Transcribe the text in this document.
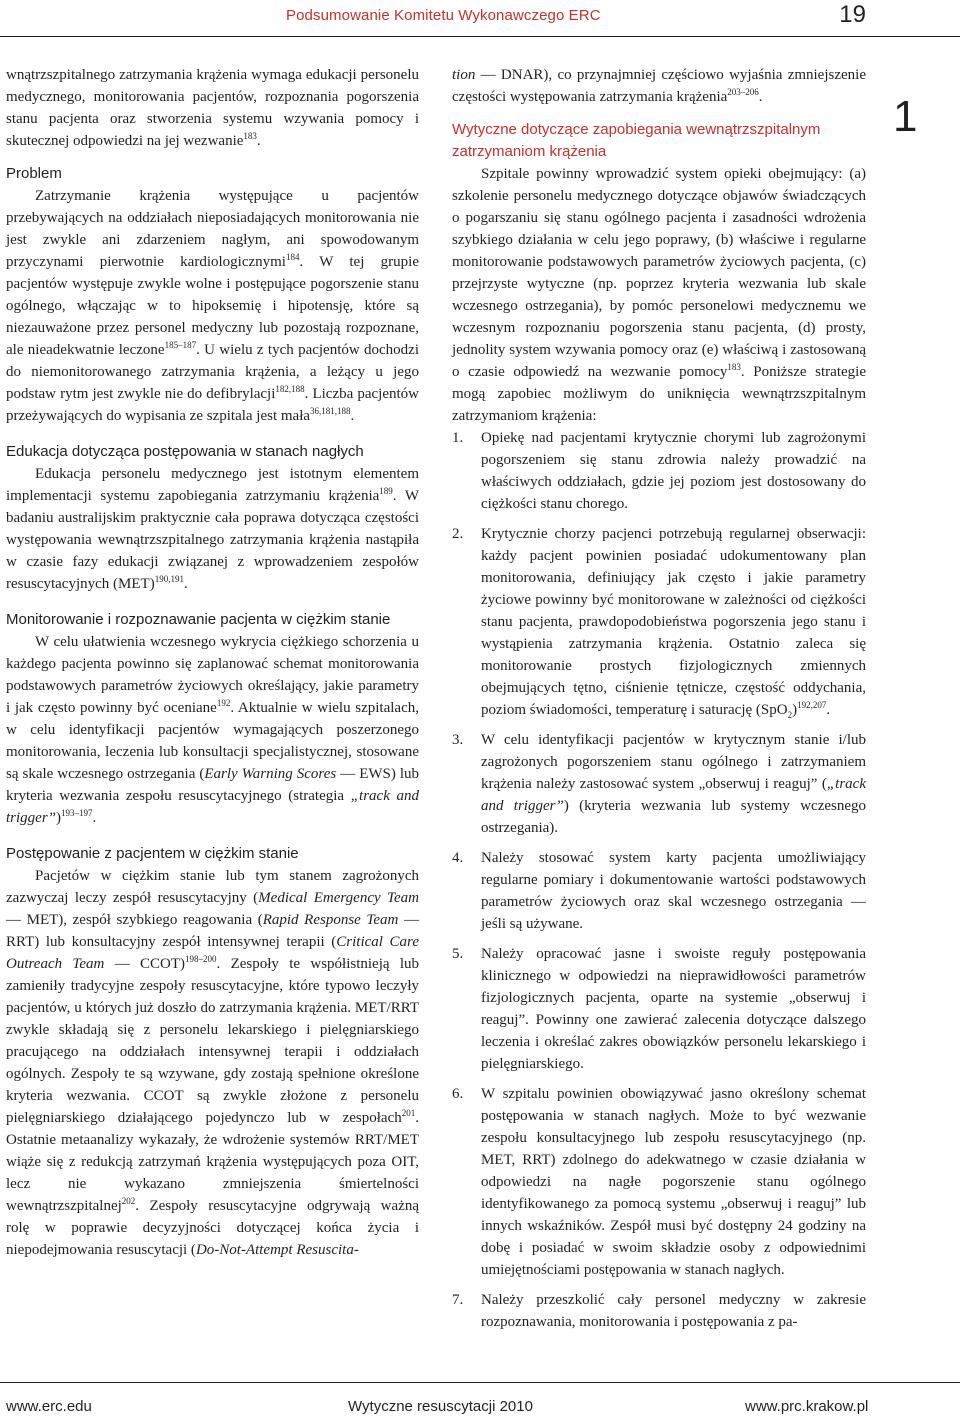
Podsumowanie Komitetu Wykonawczego ERC	19
1

wnątrzszpitalnego zatrzymania krążenia wymaga edukacji personelu medycznego, monitorowania pacjentów, rozpoznania pogorszenia stanu pacjenta oraz stworzenia systemu wzywania pomocy i skutecznej odpowiedzi na jej wezwanie$^{183}$.

Problem

Zatrzymanie krążenia występujące u pacjentów przebywających na oddziałach nieposiadających monitorowania nie jest zwykle ani zdarzeniem nagłym, ani spowodowanym przyczynami pierwotnie kardiologicznymi$^{184}$. W tej grupie pacjentów występuje zwykle wolne i postępujące pogorszenie stanu ogólnego, włączając w to hipoksemię i hipotensję, które są niezauważone przez personel medyczny lub pozostają rozpoznane, ale nieadekwatnie leczone$^{185-187}$. U wielu z tych pacjentów dochodzi do niemonitorowanego zatrzymania krążenia, a leżący u jego podstaw rytm jest zwykle nie do defibrylacji$^{182,188}$. Liczba pacjentów przeżywających do wypisania ze szpitala jest mała$^{36,181,188}$.

Edukacja dotycząca postępowania w stanach nagłych

Edukacja personelu medycznego jest istotnym elementem implementacji systemu zapobiegania zatrzymaniu krążenia$^{189}$. W badaniu australijskim praktycznie cała poprawa dotycząca częstości występowania wewnątrzszpitalnego zatrzymania krążenia nastąpiła w czasie fazy edukacji związanej z wprowadzeniem zespołów resuscytacyjnych (MET)$^{190,191}$.

Monitorowanie i rozpoznawanie pacjenta w ciężkim stanie

W celu ułatwienia wczesnego wykrycia ciężkiego schorzenia u każdego pacjenta powinno się zaplanować schemat monitorowania podstawowych parametrów życiowych określający, jakie parametry i jak często powinny być oceniane$^{192}$. Aktualnie w wielu szpitalach, w celu identyfikacji pacjentów wymagających poszerzonego monitorowania, leczenia lub konsultacji specjalistycznej, stosowane są skale wczesnego ostrzegania (Early Warning Scores — EWS) lub kryteria wezwania zespołu resuscytacyjnego (strategia „track and trigger”)$^{193-197}$.

Postępowanie z pacjentem w ciężkim stanie

Pacjetów w ciężkim stanie lub tym stanem zagrożonych zazwyczaj leczy zespół resuscytacyjny (Medical Emergency Team — MET), zespół szybkiego reagowania (Rapid Response Team — RRT) lub konsultacyjny zespół intensywnej terapii (Critical Care Outreach Team — CCOT)$^{198-200}$. Zespoły te współistnieją lub zamieniły tradycyjne zespoły resuscytacyjne, które typowo leczyły pacjentów, u których już doszło do zatrzymania krążenia. MET/RRT zwykle składają się z personelu lekarskiego i pielęgniarskiego pracującego na oddziałach intensywnej terapii i oddziałach ogólnych. Zespoły te są wzywane, gdy zostają spełnione określone kryteria wezwania. CCOT są zwykle złożone z personelu pielęgniarskiego działającego pojedynczo lub w zespołach$^{201}$. Ostatnie metaanalizy wykazały, że wdrożenie systemów RRT/MET wiąże się z redukcją zatrzymań krążenia występujących poza OIT, lecz nie wykazano zmniejszenia śmiertelności wewnątrzszpitalnej$^{202}$. Zespoły resuscytacyjne odgrywają ważną rolę w poprawie decyzyjności dotyczącej końca życia i niepodejmowania resuscytacji (Do-Not-Attempt Resuscita-

tion — DNAR), co przynajmniej częściowo wyjaśnia zmniejszenie częstości występowania zatrzymania krążenia$^{203-206}$.

Wytyczne dotyczące zapobiegania wewnątrzszpitalnym zatrzymaniom krążenia

Szpitale powinny wprowadzić system opieki obejmujący: (a) szkolenie personelu medycznego dotyczące objawów świadczących o pogarszaniu się stanu ogólnego pacjenta i zasadności wdrożenia szybkiego działania w celu jego poprawy, (b) właściwe i regularne monitorowanie podstawowych parametrów życiowych pacjenta, (c) przejrzyste wytyczne (np. poprzez kryteria wezwania lub skale wczesnego ostrzegania), by pomóc personelowi medycznemu we wczesnym rozpoznaniu pogorszenia stanu pacjenta, (d) prosty, jednolity system wzywania pomocy oraz (e) właściwą i zastosowaną o czasie odpowiedź na wezwanie pomocy$^{183}$. Poniższe strategie mogą zapobiec możliwym do uniknięcia wewnątrzszpitalnym zatrzymaniom krążenia:

1. Opiekę nad pacjentami krytycznie chorymi lub zagrożonymi pogorszeniem się stanu zdrowia należy prowadzić na właściwych oddziałach, gdzie jej poziom jest dostosowany do ciężkości stanu chorego.
2. Krytycznie chorzy pacjenci potrzebują regularnej obserwacji: każdy pacjent powinien posiadać udokumentowany plan monitorowania, definiujący jak często i jakie parametry życiowe powinny być monitorowane w zależności od ciężkości stanu pacjenta, prawdopodobieństwa pogorszenia jego stanu i wystąpienia zatrzymania krążenia. Ostatnio zaleca się monitorowanie prostych fizjologicznych zmiennych obejmujących tętno, ciśnienie tętnicze, częstość oddychania, poziom świadomości, temperaturę i saturację $(SpO_2)^{192,207}$.
3. W celu identyfikacji pacjentów w krytycznym stanie i/lub zagrożonych pogorszeniem stanu ogólnego i zatrzymaniem krążenia należy zastosować system „obserwuj i reaguj” („track and trigger”) (kryteria wezwania lub systemy wczesnego ostrzegania).
4. Należy stosować system karty pacjenta umożliwiający regularne pomiary i dokumentowanie wartości podstawowych parametrów życiowych oraz skal wczesnego ostrzegania — jeśli są używane.
5. Należy opracować jasne i swoiste reguły postępowania klinicznego w odpowiedzi na nieprawidłowości parametrów fizjologicznych pacjenta, oparte na systemie „obserwuj i reaguj”. Powinny one zawierać zalecenia dotyczące dalszego leczenia i określać zakres obowiązków personelu lekarskiego i pielęgniarskiego.
6. W szpitalu powinien obowiązywać jasno określony schemat postępowania w stanach nagłych. Może to być wezwanie zespołu konsultacyjnego lub zespołu resuscytacyjnego (np. MET, RRT) zdolnego do adekwatnego w czasie działania w odpowiedzi na nagłe pogorszenie stanu ogólnego identyfikowanego za pomocą systemu „obserwuj i reaguj” lub innych wskaźników. Zespół musi być dostępny 24 godziny na dobę i posiadać w swoim składzie osoby z odpowiednimi umiejętnościami postępowania w stanach nagłych.
7. Należy przeszkolić cały personel medyczny w zakresie rozpoznawania, monitorowania i postępowania z pa-
www.erc.edu	Wytyczne resuscytacji 2010	www.prc.krakow.pl
